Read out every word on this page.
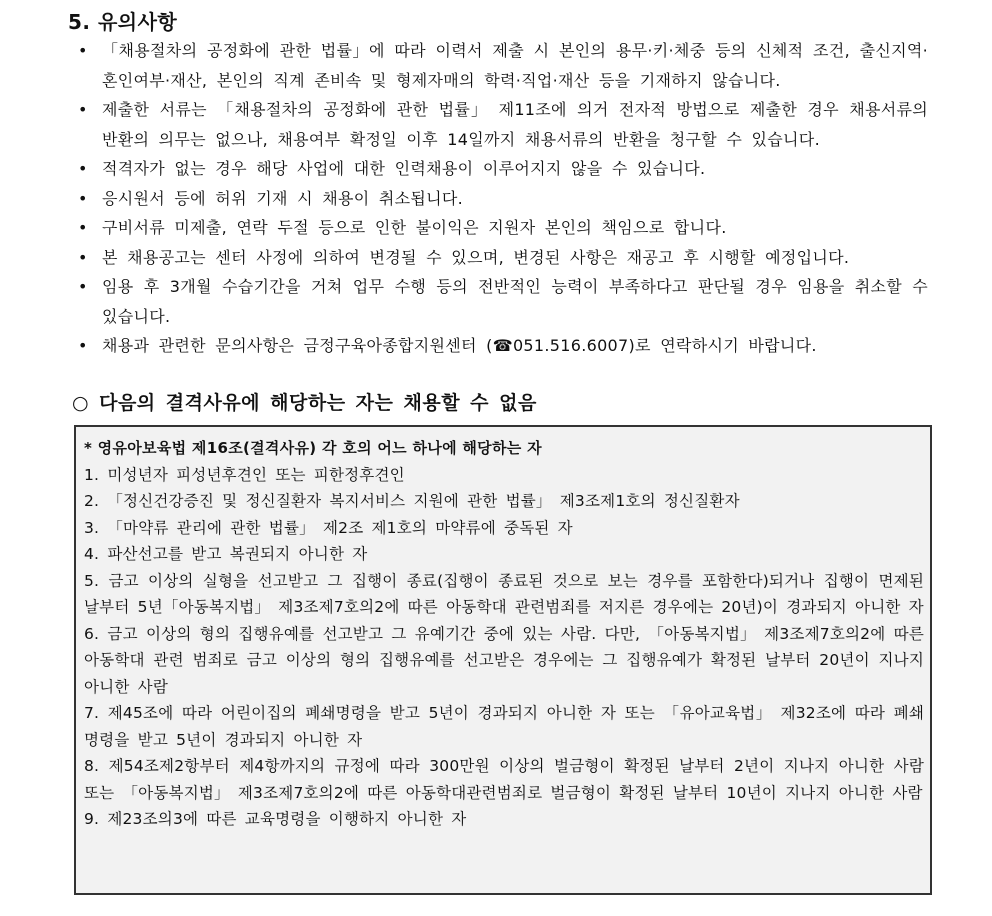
5. 유의사항
• 「채용절차의 공정화에 관한 법률」에 따라 이력서 제출 시 본인의 용무·키·체중 등의 신체적 조건, 출신지역·혼인여부·재산, 본인의 직계 존비속 및 형제자매의 학력·직업·재산 등을 기재하지 않습니다.
• 제출한 서류는 「채용절차의 공정화에 관한 법률」 제11조에 의거 전자적 방법으로 제출한 경우 채용서류의 반환의 의무는 없으나, 채용여부 확정일 이후 14일까지 채용서류의 반환을 청구할 수 있습니다.
• 적격자가 없는 경우 해당 사업에 대한 인력채용이 이루어지지 않을 수 있습니다.
• 응시원서 등에 허위 기재 시 채용이 취소됩니다.
• 구비서류 미제출, 연락 두절 등으로 인한 불이익은 지원자 본인의 책임으로 합니다.
• 본 채용공고는 센터 사정에 의하여 변경될 수 있으며, 변경된 사항은 재공고 후 시행할 예정입니다.
• 임용 후 3개월 수습기간을 거쳐 업무 수행 등의 전반적인 능력이 부족하다고 판단될 경우 임용을 취소할 수 있습니다.
• 채용과 관련한 문의사항은 금정구육아종합지원센터 (☎051.516.6007)로 연락하시기 바랍니다.
○ 다음의 결격사유에 해당하는 자는 채용할 수 없음
* 영유아보육법 제16조(결격사유) 각 호의 어느 하나에 해당하는 자
1. 미성년자 피성년후견인 또는 피한정후견인
2. 「정신건강증진 및 정신질환자 복지서비스 지원에 관한 법률」 제3조제1호의 정신질환자
3. 「마약류 관리에 관한 법률」 제2조 제1호의 마약류에 중독된 자
4. 파산선고를 받고 복권되지 아니한 자
5. 금고 이상의 실형을 선고받고 그 집행이 종료(집행이 종료된 것으로 보는 경우를 포함한다)되거나 집행이 면제된 날부터 5년「아동복지법」 제3조제7호의2에 따른 아동학대 관련범죄를 저지른 경우에는 20년)이 경과되지 아니한 자
6. 금고 이상의 형의 집행유예를 선고받고 그 유예기간 중에 있는 사람. 다만, 「아동복지법」 제3조제7호의2에 따른 아동학대 관련 범죄로 금고 이상의 형의 집행유예를 선고받은 경우에는 그 집행유예가 확정된 날부터 20년이 지나지 아니한 사람
7. 제45조에 따라 어린이집의 폐쇄명령을 받고 5년이 경과되지 아니한 자 또는 「유아교육법」 제32조에 따라 폐쇄명령을 받고 5년이 경과되지 아니한 자
8. 제54조제2항부터 제4항까지의 규정에 따라 300만원 이상의 벌금형이 확정된 날부터 2년이 지나지 아니한 사람 또는 「아동복지법」 제3조제7호의2에 따른 아동학대관련범죄로 벌금형이 확정된 날부터 10년이 지나지 아니한 사람
9. 제23조의3에 따른 교육명령을 이행하지 아니한 자
